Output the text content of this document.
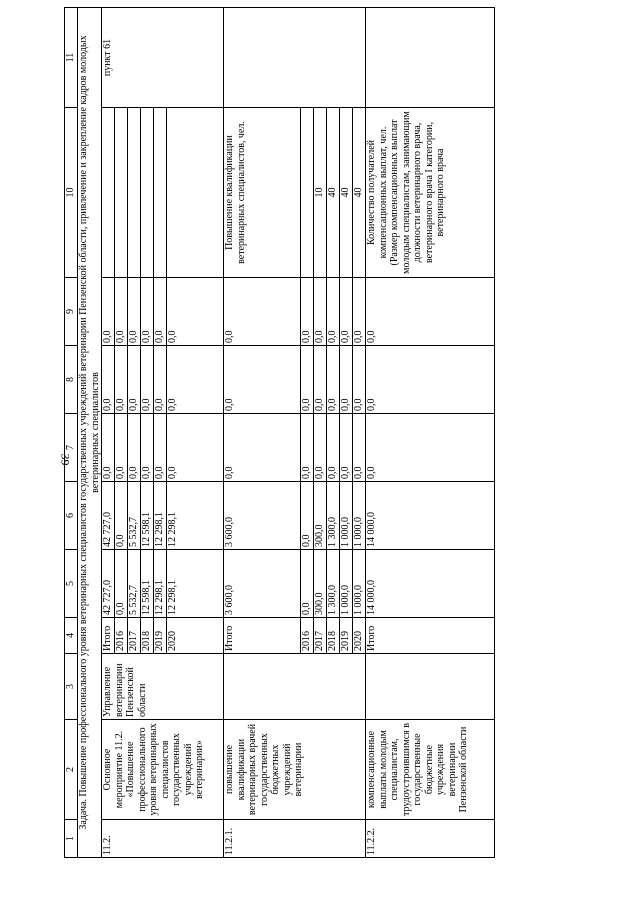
39
1	2	3	4	5	6	7	8	9	10	11
Задача. Повышение профессионального уровня ветеринарных специалистов государственных учреждений ветеринарии Пензенской области, привлечение и закрепление кадров молодых ветеринарных специалистов										
11.2.	Основное мероприятие 11.2. «Повышение профессионального уровня ветеринарных специалистов государственных учреждений ветеринарии»	Управление ветеринарии Пензенской области	Итого	42 727,0	42 727,0	0,0	0,0	0,0		пункт 61
			2016	0,0	0,0	0,0	0,0	0,0		
			2017	5 532,7	5 532,7	0,0	0,0	0,0		
			2018	12 598,1	12 598,1	0,0	0,0	0,0		
			2019	12 298,1	12 298,1	0,0	0,0	0,0		
			2020	12 298,1	12 298,1	0,0	0,0	0,0		
11.2.1.	повышение квалификации ветеринарных врачей государственных бюджетных учреждений ветеринарии		Итого	3 600,0	3 600,0	0,0	0,0	0,0	Повышение квалификации ветеринарных специалистов, чел.	
			2016	0,0	0,0	0,0	0,0	0,0		
			2017	300,0	300,0	0,0	0,0	0,0	10	
			2018	1 300,0	1 300,0	0,0	0,0	0,0	40	
			2019	1 000,0	1 000,0	0,0	0,0	0,0	40	
			2020	1 000,0	1 000,0	0,0	0,0	0,0	40	
11.2.2.	компенсационные выплаты молодым специалистам, трудоустроившимся в государственные бюджетные учреждения ветеринарии Пензенской области		Итого	14 000,0	14 000,0	0,0	0,0	0,0	Количество получателей компенсационных выплат, чел. (Размер компенсационных выплат молодым специалистам, занимающим должности ветеринарного врача, ветеринарного врача I категории, ветеринарного врача	
